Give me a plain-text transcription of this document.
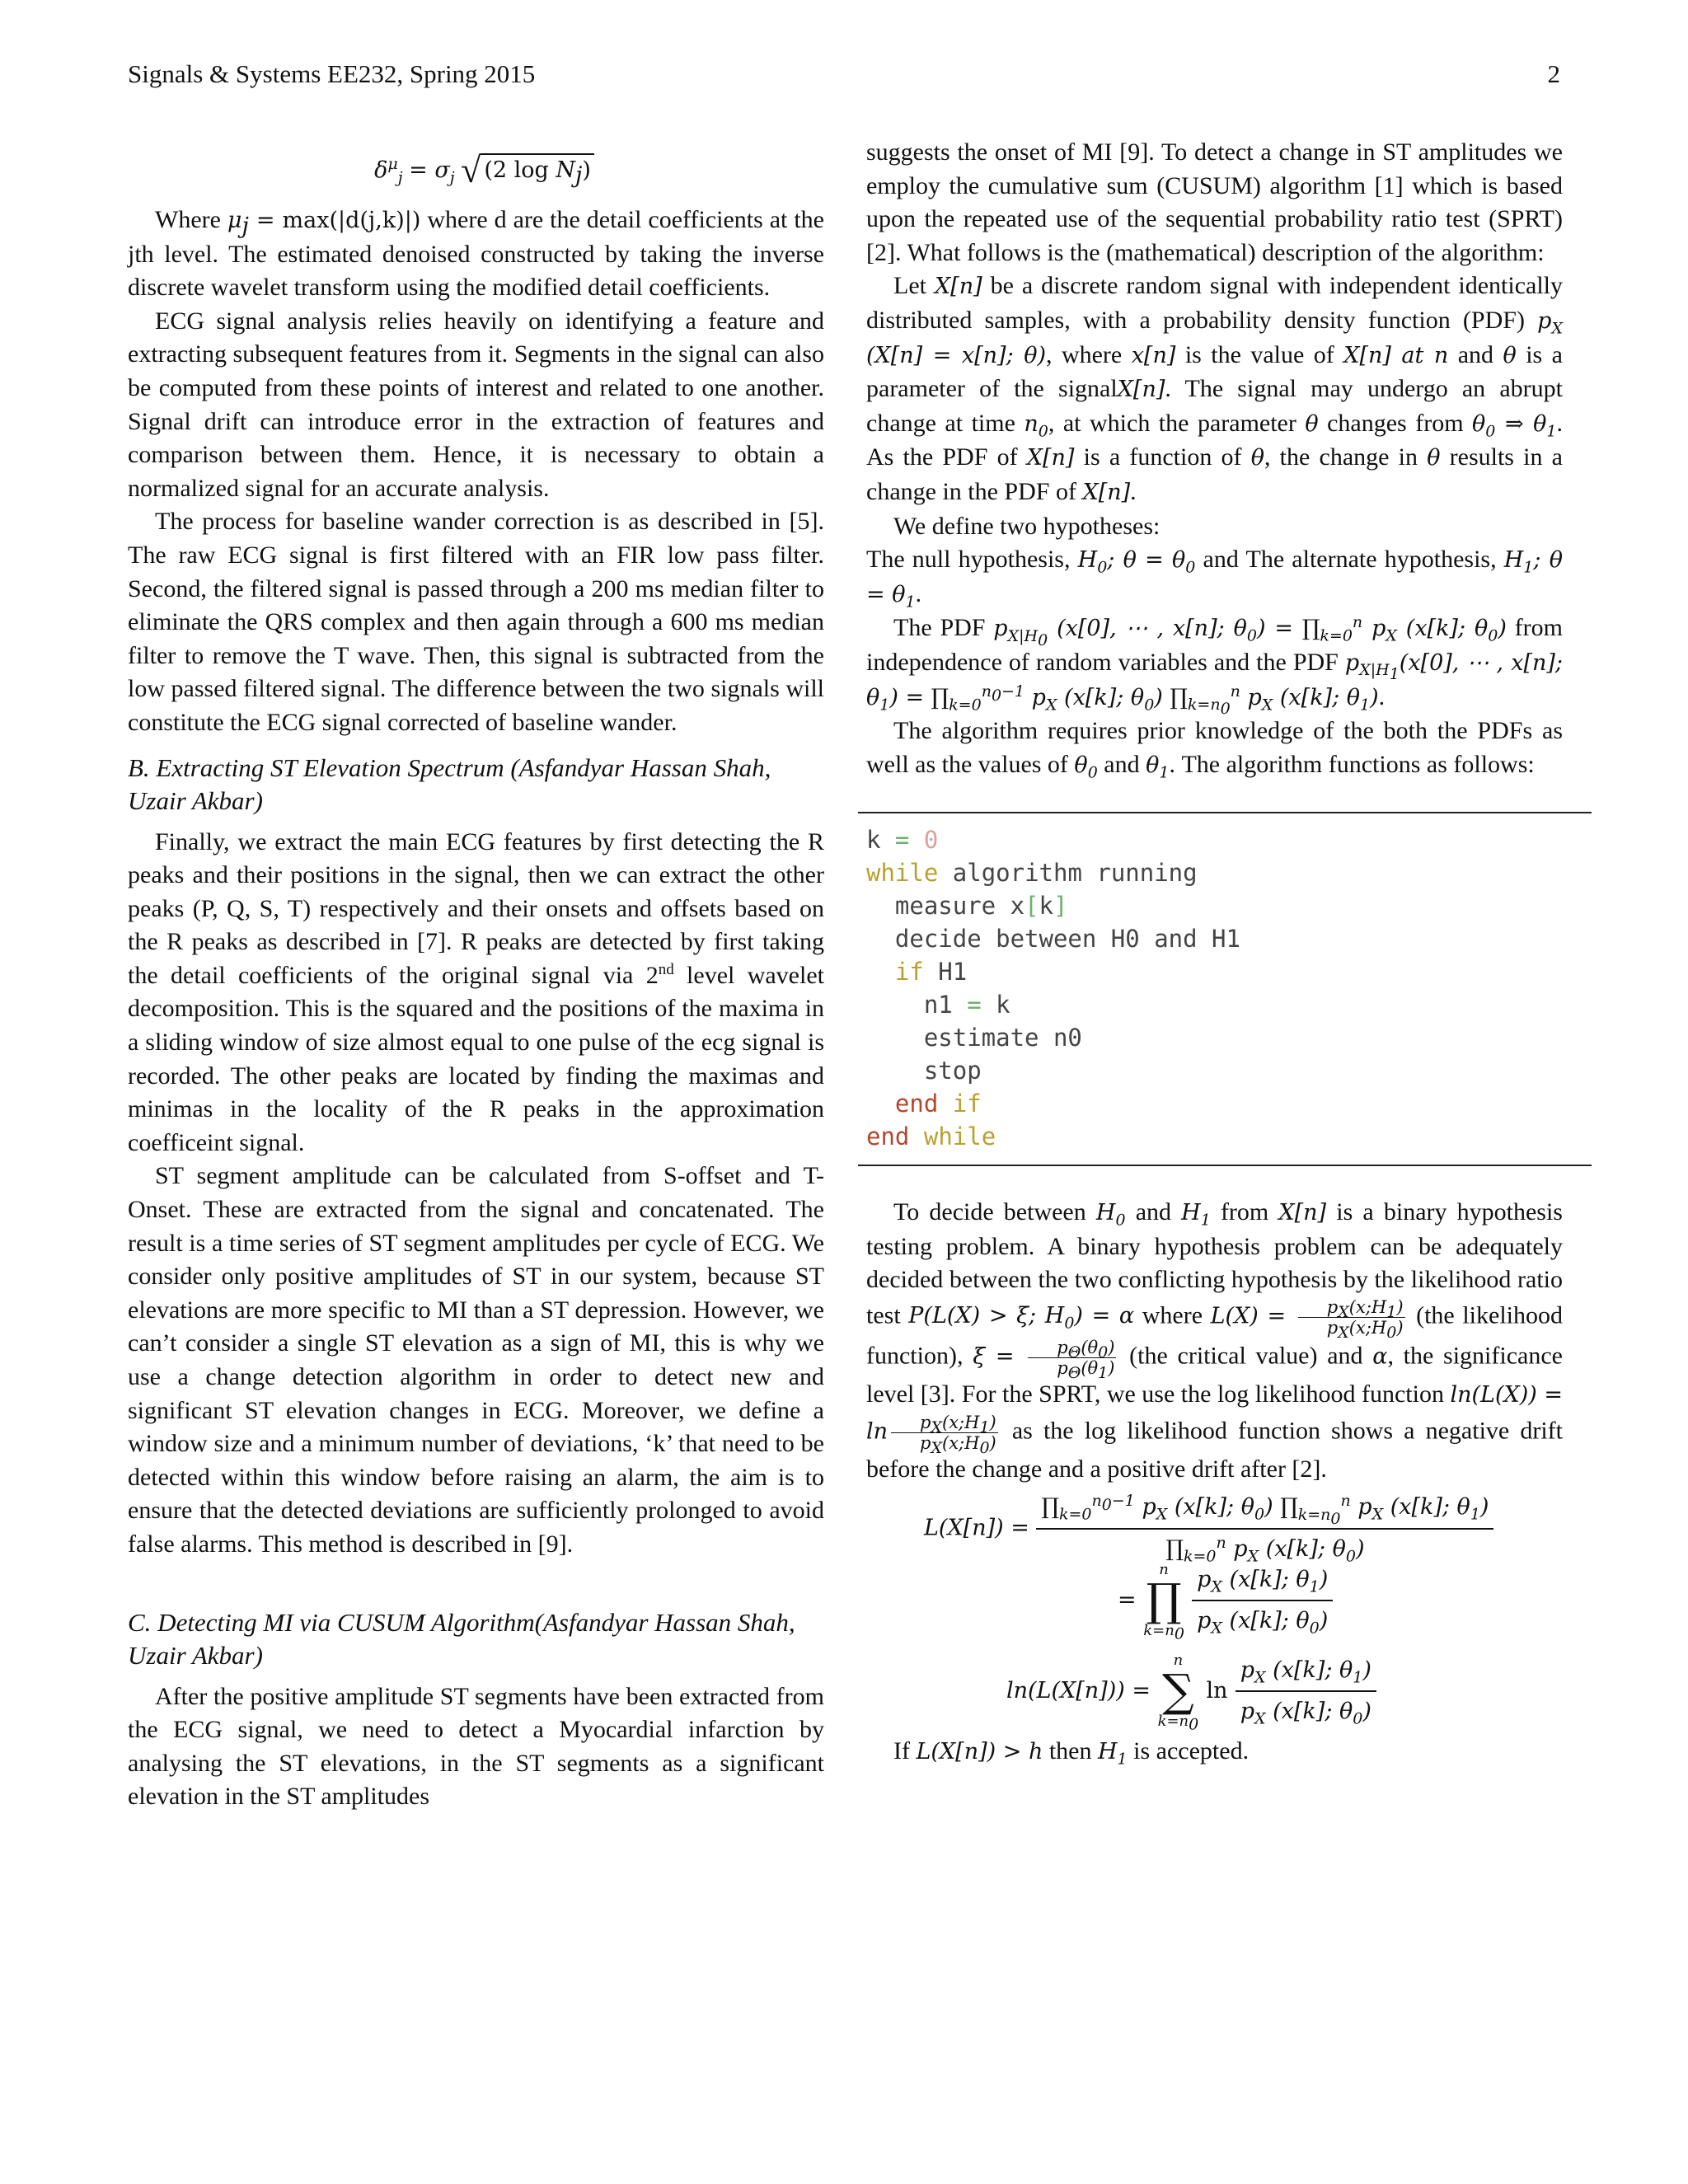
Signals & Systems EE232, Spring 2015	2
$\delta^\mu_j = \sigma_j$ √ (2 $\log N_j$)

Where $\mu_j = \max(|d(j,k)|)$ where d are the detail coefficients at the jth level. The estimated denoised constructed by taking the inverse discrete wavelet transform using the modified detail coefficients.

ECG signal analysis relies heavily on identifying a feature and extracting subsequent features from it. Segments in the signal can also be computed from these points of interest and related to one another. Signal drift can introduce error in the extraction of features and comparison between them. Hence, it is necessary to obtain a normalized signal for an accurate analysis.

The process for baseline wander correction is as described in [5]. The raw ECG signal is first filtered with an FIR low pass filter. Second, the filtered signal is passed through a 200 ms median filter to eliminate the QRS complex and then again through a 600 ms median filter to remove the T wave. Then, this signal is subtracted from the low passed filtered signal. The difference between the two signals will constitute the ECG signal corrected of baseline wander.

B. Extracting ST Elevation Spectrum (Asfandyar Hassan Shah, Uzair Akbar)

Finally, we extract the main ECG features by first detecting the R peaks and their positions in the signal, then we can extract the other peaks (P, Q, S, T) respectively and their onsets and offsets based on the R peaks as described in [7]. R peaks are detected by first taking the detail coefficients of the original signal via 2nd level wavelet decomposition. This is the squared and the positions of the maxima in a sliding window of size almost equal to one pulse of the ecg signal is recorded. The other peaks are located by finding the maximas and minimas in the locality of the R peaks in the approximation coefficeint signal.

ST segment amplitude can be calculated from S-offset and T-Onset. These are extracted from the signal and concatenated. The result is a time series of ST segment amplitudes per cycle of ECG. We consider only positive amplitudes of ST in our system, because ST elevations are more specific to MI than a ST depression. However, we can’t consider a single ST elevation as a sign of MI, this is why we use a change detection algorithm in order to detect new and significant ST elevation changes in ECG. Moreover, we define a window size and a minimum number of deviations, ‘k’ that need to be detected within this window before raising an alarm, the aim is to ensure that the detected deviations are sufficiently prolonged to avoid false alarms. This method is described in [9].

C. Detecting MI via CUSUM Algorithm(Asfandyar Hassan Shah, Uzair Akbar)

After the positive amplitude ST segments have been extracted from the ECG signal, we need to detect a Myocardial infarction by analysing the ST elevations, in the ST segments as a significant elevation in the ST amplitudes

suggests the onset of MI [9]. To detect a change in ST amplitudes we employ the cumulative sum (CUSUM) algorithm [1] which is based upon the repeated use of the sequential probability ratio test (SPRT) [2]. What follows is the (mathematical) description of the algorithm:

Let X[n] be a discrete random signal with independent identically distributed samples, with a probability density function (PDF) $p_X$ (X[n] = x[n]; θ), where x[n] is the value of X[n] at n and θ is a parameter of the signalX[n]. The signal may undergo an abrupt change at time $n_0$, at which the parameter θ changes from $\theta_0$ ⇒ $\theta_1$. As the PDF of X[n] is a function of θ, the change in θ results in a change in the PDF of X[n].

We define two hypotheses:

The null hypothesis, $H_0$; $\theta = \theta_0$ and The alternate hypothesis, $H_1$; $\theta = \theta_1$.

The PDF $p_{X|H_0}$ (x[0], ⋯ , x[n]; $\theta_0$) = $\prod_{k=0}^n$ $p_X$ (x[k]; $\theta_0$) from independence of random variables and the PDF $p_{X|H_1}(x[0]$, ⋯ , x[n]; $\theta_1$) = $\prod_{k=0}^{n_0-1}$ $p_X$ (x[k]; $\theta_0$) $\prod_{k=n_0}^n$ $p_X$ (x[k]; $\theta_1$).

The algorithm requires prior knowledge of the both the PDFs as well as the values of $\theta_0$ and $\theta_1$. The algorithm functions as follows:

k = 0
while algorithm running
measure x[k]
decide between H0 and H1
if H1
n1 = k
estimate n0
stop
end if
end while

To decide between $H_0$ and $H_1$ from X[n] is a binary hypothesis testing problem. A binary hypothesis problem can be adequately decided between the two conflicting hypothesis by the likelihood ratio test P(L(X) > ξ; $H_0) = \alpha$ where $L(X) = \frac{p_X(x;H_1)}{p_X(x;H_0)} (the$ likelihood function), $\xi = \frac{p_\Theta(\theta_0)}{p_\Theta(\theta_1)} (the$ critical value) and α, the significance level [3]. For the SPRT, we use the log likelihood function $\ln(L(X)) = \ln \frac{p_X(x;H_1)}{p_X(x;H_0)}$ as the log likelihood function shows a negative drift before the change and a positive drift after [2].

$L(X[n]) = \frac{\prod_{k=0}^{n_0-1} p_X (x[k]; \theta_0) \prod_{k=n_0}^n p_X (x[k]; \theta_1)}{\prod_{k=0}^n p_X (x[k]; \theta_0)}$
=
n
∏
$k=n_0$
$\frac{p_X (x[k]; \theta_1)}{p_X (x[k]; \theta_0)}$
ln(L(X[n])) =
n
∑
$k=n_0$
$\ln \frac{p_X (x[k]; \theta_1)}{p_X (x[k]; \theta_0)}$

If L(X[n]) > h then $H_1$ is accepted.
